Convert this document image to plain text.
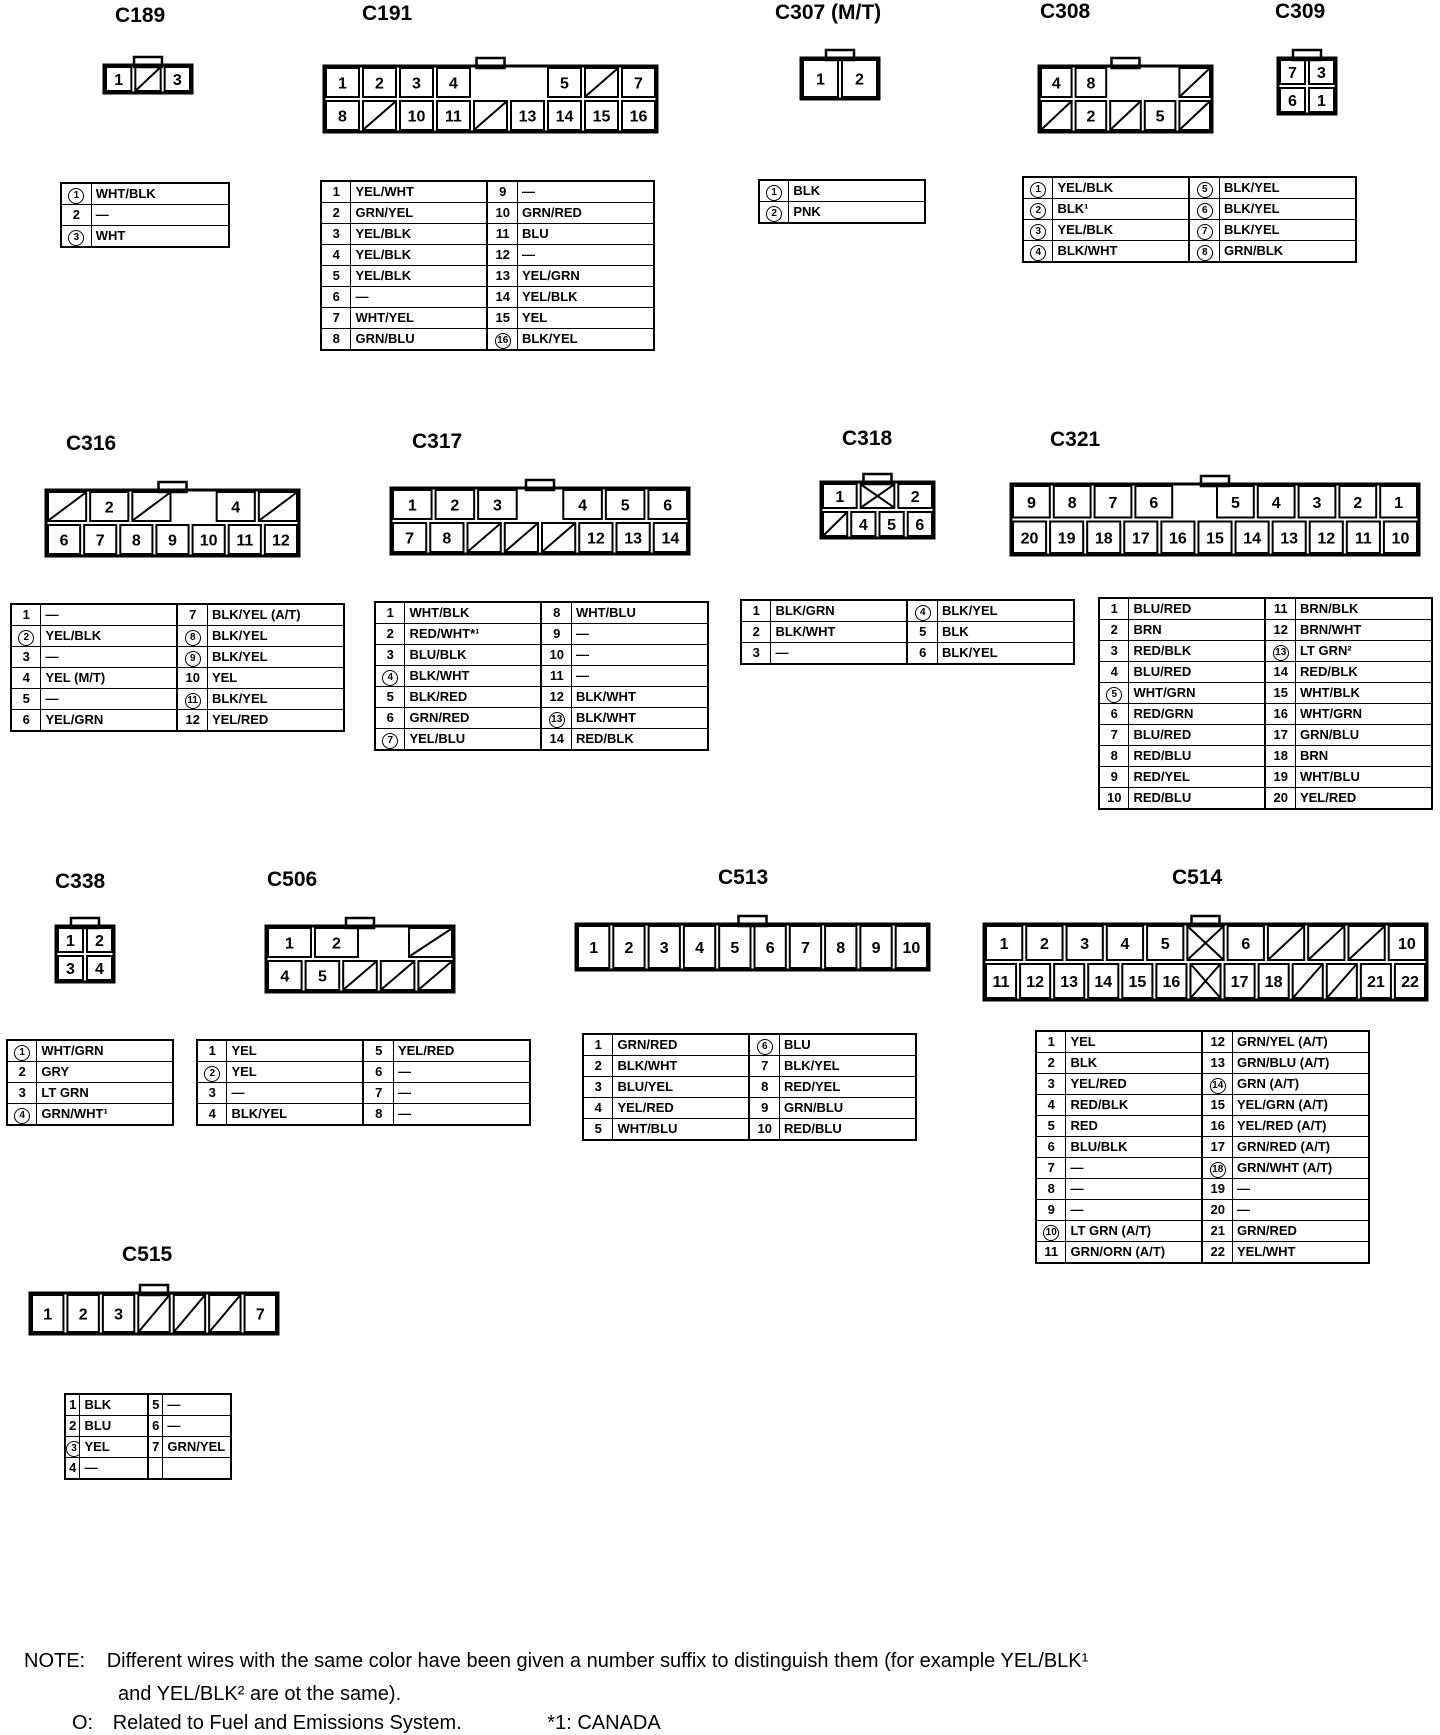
C189
1	3
1	WHT/BLK
2	—
3	WHT
C191
1 2 3 4	5	7
8	10 11	13 14 15 16
1	YEL/WHT	9	—
2	GRN/YEL	10	GRN/RED
3	YEL/BLK	11	BLU
4	YEL/BLK	12	—
5	YEL/BLK	13	YEL/GRN
6	—	14	YEL/BLK
7	WHT/YEL	15	YEL
8	GRN/BLU	16	BLK/YEL
C307 (M/T)
1 2
1	BLK
2	PNK
C308
4 8
2	5
1	YEL/BLK	5	BLK/YEL
2	BLK¹	6	BLK/YEL
3	YEL/BLK	7	BLK/YEL
4	BLK/WHT	8	GRN/BLK
C309
7 3
6 1
C316
2	4
6 7 8 9 10 11 12
1	—	7	BLK/YEL (A/T)
2	YEL/BLK	8	BLK/YEL
3	—	9	BLK/YEL
4	YEL (M/T)	10	YEL
5	—	11	BLK/YEL
6	YEL/GRN	12	YEL/RED
C317
1 2 3	4 5 6
7 8	12 13 14
1	WHT/BLK	8	WHT/BLU
2	RED/WHT*¹	9	—
3	BLU/BLK	10	—
4	BLK/WHT	11	—
5	BLK/RED	12	BLK/WHT
6	GRN/RED	13	BLK/WHT
7	YEL/BLU	14	RED/BLK
C318
1	2
4 5 6
1	BLK/GRN	4	BLK/YEL
2	BLK/WHT	5	BLK
3	—	6	BLK/YEL
C321
9 8 7 6	5 4 3 2 1
20 19 18 17 16 15 14 13 12 11 10
1	BLU/RED	11	BRN/BLK
2	BRN	12	BRN/WHT
3	RED/BLK	13	LT GRN²
4	BLU/RED	14	RED/BLK
5	WHT/GRN	15	WHT/BLK
6	RED/GRN	16	WHT/GRN
7	BLU/RED	17	GRN/BLU
8	RED/BLU	18	BRN
9	RED/YEL	19	WHT/BLU
10	RED/BLU	20	YEL/RED
C338
1 2
3 4
1	WHT/GRN
2	GRY
3	LT GRN
4	GRN/WHT¹
C506
1 2
4 5
1	YEL	5	YEL/RED
2	YEL	6	—
3	—	7	—
4	BLK/YEL	8	—
C513
1 2 3 4 5 6 7 8 9 10
1	GRN/RED	6	BLU
2	BLK/WHT	7	BLK/YEL
3	BLU/YEL	8	RED/YEL
4	YEL/RED	9	GRN/BLU
5	WHT/BLU	10	RED/BLU
C514
1 2 3 4 5	6	10
11 12 13 14 15 16	17 18	21 22
1	YEL	12	GRN/YEL (A/T)
2	BLK	13	GRN/BLU (A/T)
3	YEL/RED	14	GRN (A/T)
4	RED/BLK	15	YEL/GRN (A/T)
5	RED	16	YEL/RED (A/T)
6	BLU/BLK	17	GRN/RED (A/T)
7	—	18	GRN/WHT (A/T)
8	—	19	—
9	—	20	—
10	LT GRN (A/T)	21	GRN/RED
11	GRN/ORN (A/T)	22	YEL/WHT
C515
1 2 3	7
1	BLK	5	—
2	BLU	6	—
3	YEL	7	GRN/YEL
4	—		
NOTE: Different wires with the same color have been given a number suffix to distinguish them (for example YEL/BLK¹
and YEL/BLK² are ot the same).
O: Related to Fuel and Emissions System.	*1: CANADA
